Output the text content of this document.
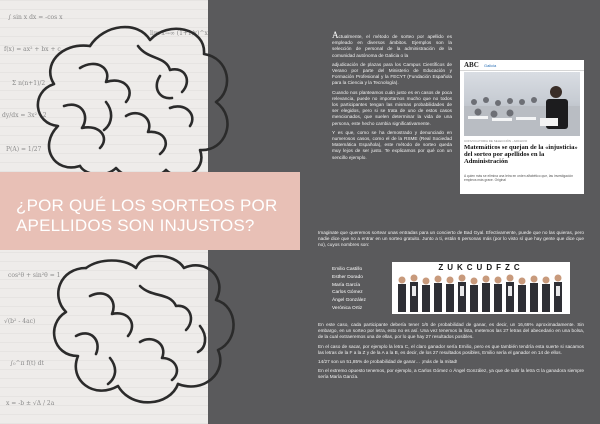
∫ sin x dx = -cos x
f(x) = ax² + bx + c
Σ n(n+1)/2
dy/dx = 3x² - 2
lim x→∞ (1+1/x)^x
P(A) = 1/27
cos²θ + sin²θ = 1
√(b² - 4ac)
∫₀^π f(t) dt
x = -b ± √Δ / 2a
¿POR QUÉ LOS SORTEOS POR
APELLIDOS SON INJUSTOS?

Actualmente, el método de sorteo por apellido es empleado en diversos ámbitos. Ejemplos son la selección de personal de la administración de la comunidad autónoma de Galicia o la

adjudicación de plazas para los Campus Científicos de Verano por parte del Ministerio de Educación y Formación Profesional y la FECYT (Fundación Española para la Ciencia y la Tecnología).

Cuando nos planteamos cuán justo es en casos de poca relevancia, puede no importarnos mucho que no todos los participantes tengan las mismas probabilidades de ser elegidos, pero si se trata de uno de estos casos mencionados, que suelen determinar la vida de una persona, este hecho cambia significativamente.

Y es que, como se ha demostrado y denunciado en numerosos casos, como el de la RSME (Real Sociedad Matemática Española), este método de sorteo queda muy lejos de ser justo. Te explicamos por qué con un sencillo ejemplo.

ABC Galicia
CONVOCATORIA DE SELECCIÓN - ARCHIVO
Matemáticos se quejan de la «injusticia» del sorteo por apellidos en la Administración
A quien más se elimina una letra en orden alfabético que, las investigación empleos más grave. Original

Imaginate que queremos sortear unas entradas para un concierto de Bad Gyal. Efectivamente, puede que no las quieras, pero nadie dice que no a entrar en un sorteo gratuito. Junto a ti, están 6 personas más (por lo visto sí que hay gente que dice que no), cuyos nombres son:

Emilio Castillo
Esther Dorado
María García
Carlos Gómez
Ángel González
Verónica Ortiz
ZUKCUDFZC

En este caso, cada participante debería tener 1/6 de probabilidad de ganar, es decir, un 16,66% aproximadamente. Sin embargo, en un sorteo por letra, esto no es así. Una vez tenemos la lista, metemos las 27 letras del abecedario en una bolsa, de la cual extraeremos una de ellas, por lo que hay 27 resultados posibles.

En el caso de sacar, por ejemplo la letra C, el claro ganador sería Emilio, pero es que también tendría esta suerte si sacamos las letras de la F a la Z y de la A a la B, es decir, de los 27 resultados posibles, Emilio sería el ganador en 14 de ellos.

14/27 son un 51,85% de probabilidad de ganar… ¡más de la mitad!

En el extremo opuesto tenemos, por ejemplo, a Carlos Gómez o Ángel González, ya que de salir la letra G la ganadora siempre sería María García.
